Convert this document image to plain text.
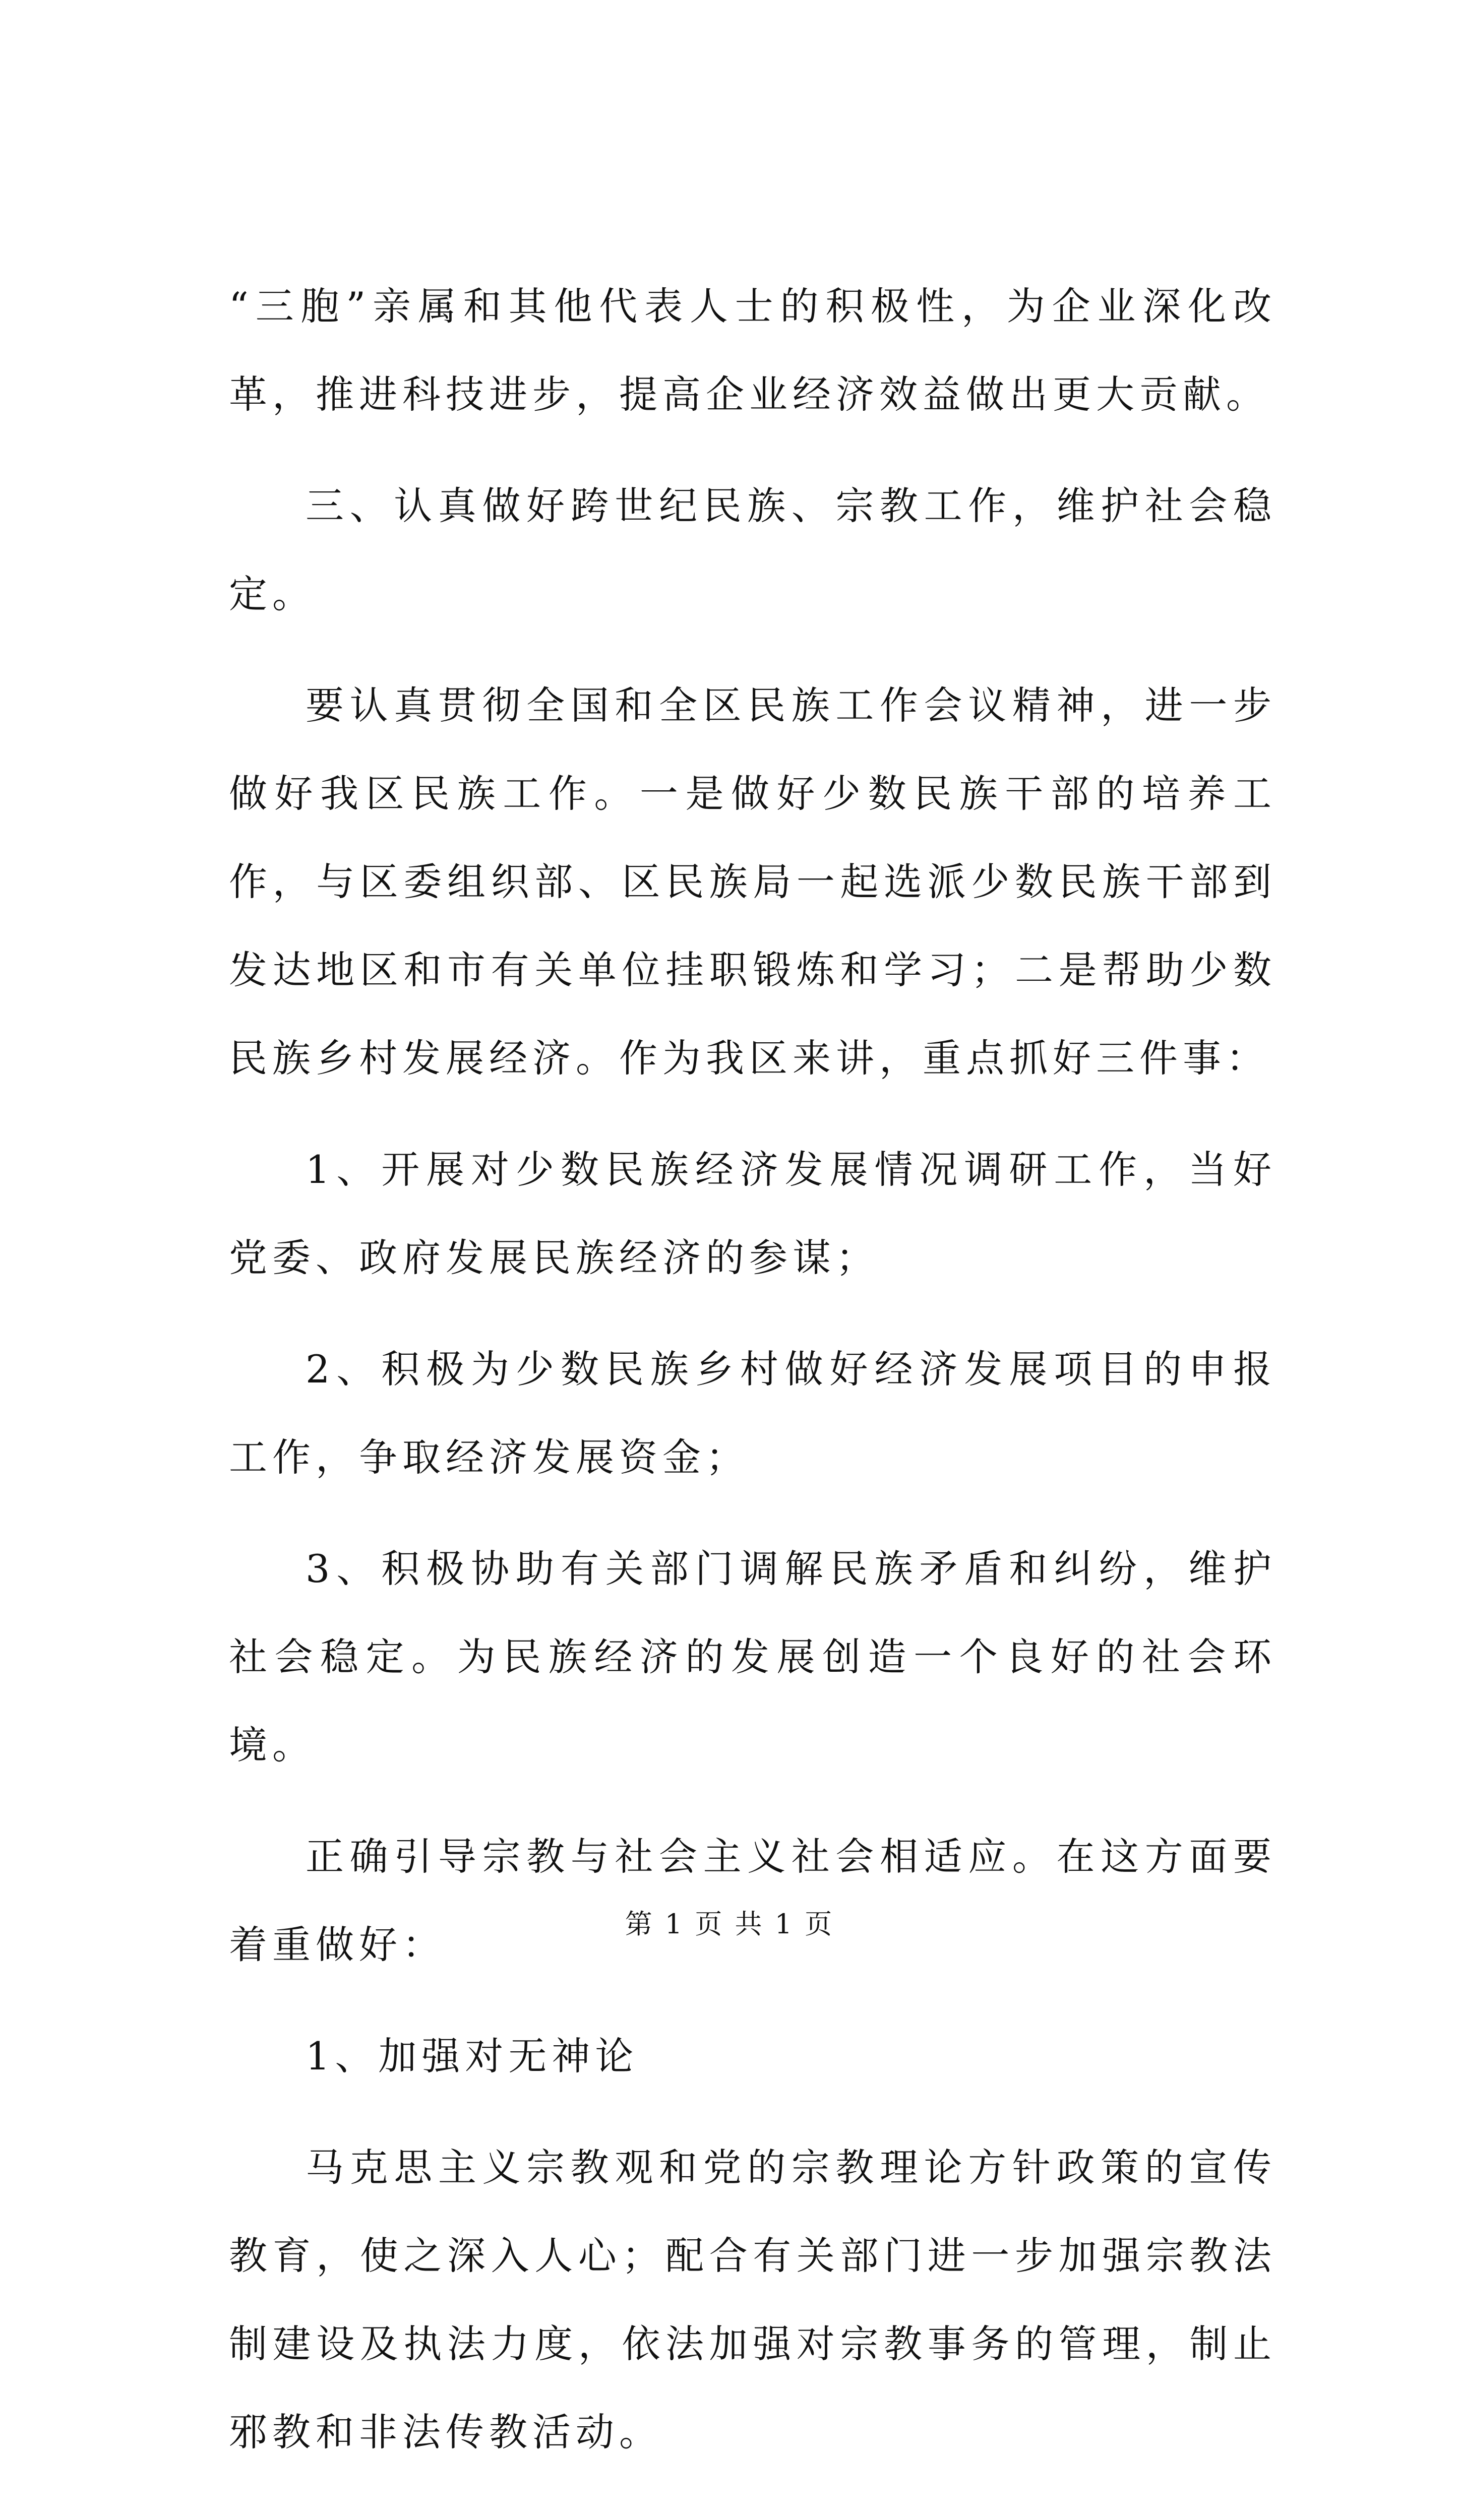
“三胞”亲属和其他代表人士的积极性，为企业深化改革，推进科技进步，提高企业经济效益做出更大贡献。

三、认真做好跨世纪民族、宗教工作，维护社会稳定。

要认真贯彻全国和全区民族工作会议精神，进一步做好我区民族工作。一是做好少数民族干部的培养工作，与区委组织部、区民族局一起选派少数民族干部到发达地区和市有关单位挂职锻炼和学习；二是帮助少数民族乡村发展经济。作为我区来讲，重点抓好三件事：

1、开展对少数民族经济发展情况调研工作，当好党委、政府发展民族经济的参谋；

2、积极为少数民族乡村做好经济发展项目的申报工作，争取经济发展资金；

3、积极协助有关部门调解民族矛盾和纠纷，维护社会稳定。为民族经济的发展创造一个良好的社会环境。

正确引导宗教与社会主义社会相适应。在这方面要着重做好：

1、加强对无神论

马克思主义宗教观和党的宗教理论方针政策的宣传教育，使之深入人心；配合有关部门进一步加强宗教法制建设及执法力度，依法加强对宗教事务的管理，制止邪教和非法传教活动。

第 1 页 共 1 页
